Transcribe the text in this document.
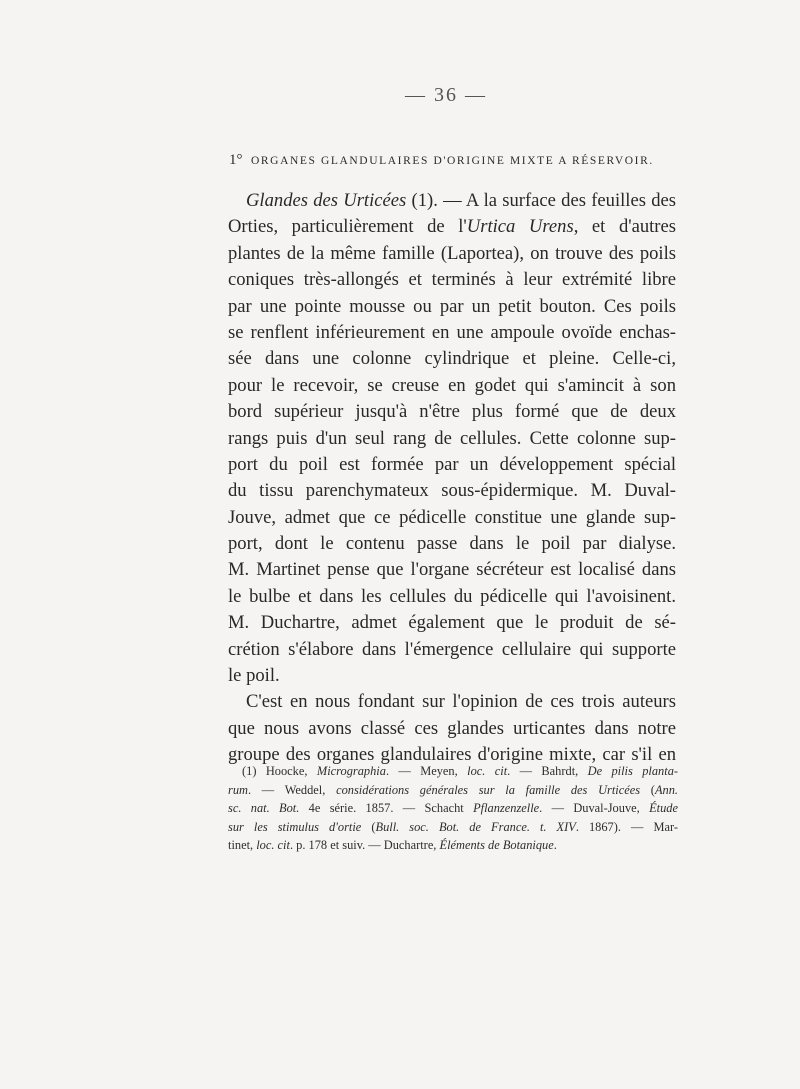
— 36 —
1° ORGANES GLANDULAIRES D'ORIGINE MIXTE A RÉSERVOIR.
Glandes des Urticées (1). — A la surface des feuilles des
Orties, particulièrement de l'Urtica Urens, et d'autres
plantes de la même famille (Laportea), on trouve des poils
coniques très-allongés et terminés à leur extrémité libre
par une pointe mousse ou par un petit bouton. Ces poils
se renflent inférieurement en une ampoule ovoïde enchas-
sée dans une colonne cylindrique et pleine. Celle-ci,
pour le recevoir, se creuse en godet qui s'amincit à son
bord supérieur jusqu'à n'être plus formé que de deux
rangs puis d'un seul rang de cellules. Cette colonne sup-
port du poil est formée par un développement spécial
du tissu parenchymateux sous-épidermique. M. Duval-
Jouve, admet que ce pédicelle constitue une glande sup-
port, dont le contenu passe dans le poil par dialyse.
M. Martinet pense que l'organe sécréteur est localisé dans
le bulbe et dans les cellules du pédicelle qui l'avoisinent.
M. Duchartre, admet également que le produit de sé-
crétion s'élabore dans l'émergence cellulaire qui supporte
le poil.
C'est en nous fondant sur l'opinion de ces trois auteurs
que nous avons classé ces glandes urticantes dans notre
groupe des organes glandulaires d'origine mixte, car s'il en
(1) Hoocke, Micrographia. — Meyen, loc. cit. — Bahrdt, De pilis planta-
rum. — Weddel, considérations générales sur la famille des Urticées (Ann.
sc. nat. Bot. 4e série. 1857. — Schacht Pflanzenzelle. — Duval-Jouve, Étude
sur les stimulus d'ortie (Bull. soc. Bot. de France. t. XIV. 1867). — Mar-
tinet, loc. cit. p. 178 et suiv. — Duchartre, Éléments de Botanique.
